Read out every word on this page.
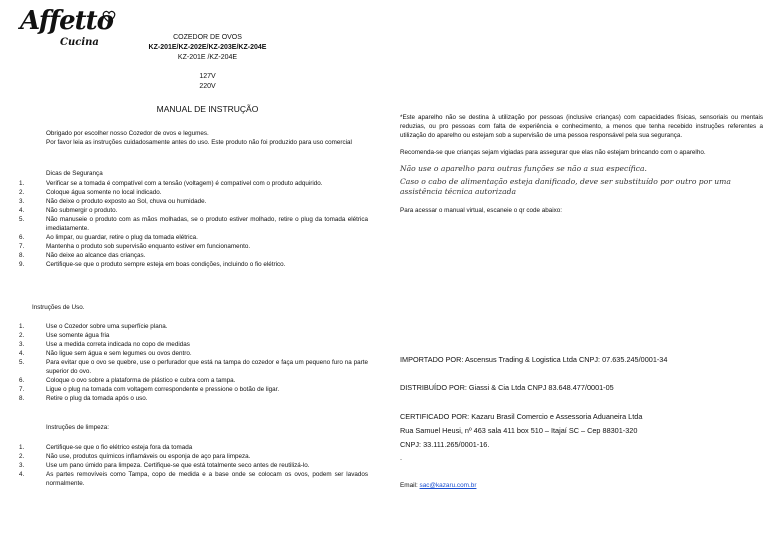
Affetto
Cucina	COZEDOR DE OVOS
KZ-201E/KZ-202E/KZ-203E/KZ-204E
KZ-201E /KZ-204E
127V
220V
MANUAL DE INSTRUÇÃO

Obrigado por escolher nosso Cozedor de ovos e legumes.

Por favor leia as instruções cuidadosamente antes do uso. Este produto não foi produzido para uso comercial

Dicas de Segurança

1.	Verificar se a tomada é compatível com a tensão (voltagem) é compatível com o produto adquirido.
2.	Coloque água somente no local indicado.
3.	Não deixe o produto exposto ao Sol, chuva ou humidade.
4.	Não submergir o produto.
5.	Não manuseie o produto com as mãos molhadas, se o produto estiver molhado, retire o plug da tomada elétrica imediatamente.
6.	Ao limpar, ou guardar, retire o plug da tomada elétrica.
7.	Mantenha o produto sob supervisão enquanto estiver em funcionamento.
8.	Não deixe ao alcance das crianças.
9.	Certifique-se que o produto sempre esteja em boas condições, incluindo o fio elétrico.

Instruções de Uso.

1.	Use o Cozedor sobre uma superfície plana.
2.	Use somente água fria
3.	Use a medida correta indicada no copo de medidas
4.	Não ligue sem água e sem legumes ou ovos dentro.
5.	Para evitar que o ovo se quebre, use o perfurador que está na tampa do cozedor e faça um pequeno furo na parte superior do ovo.
6.	Coloque o ovo sobre a plataforma de plástico e cubra com a tampa.
7.	Ligue o plug na tomada com voltagem correspondente e pressione o botão de ligar.
8.	Retire o plug da tomada após o uso.

Instruções de limpeza:

1.	Certifique-se que o fio elétrico esteja fora da tomada
2.	Não use, produtos químicos inflamáveis ou esponja de aço para limpeza.
3.	Use um pano úmido para limpeza. Certifique-se que está totalmente seco antes de reutilizá-lo.
4.	As partes removíveis como Tampa, copo de medida e a base onde se colocam os ovos, podem ser lavados normalmente.

*Este aparelho não se destina à utilização por pessoas (inclusive crianças) com capacidades físicas, sensoriais ou mentais reduzias, ou pro pessoas com falta de experiência e conhecimento, a menos que tenha recebido instruções referentes a utilização do aparelho ou estejam sob a supervisão de uma pessoa responsável pela sua segurança.

Recomenda-se que crianças sejam vigiadas para assegurar que elas não estejam brincando com o aparelho.

Não use o aparelho para outras funções se não a sua específica.

Caso o cabo de alimentação esteja danificado, deve ser substituído por outro por uma assistência técnica autorizada

Para acessar o manual virtual, escaneie o qr code abaixo:

IMPORTADO POR: Ascensus Trading & Logistica Ltda CNPJ: 07.635.245/0001-34

DISTRIBUÍDO POR: Giassi & Cia Ltda CNPJ 83.648.477/0001-05

CERTIFICADO POR: Kazaru Brasil Comercio e Assessoria Aduaneira Ltda

Rua Samuel Heusi, nº 463 sala 411 box 510 – Itajaí SC – Cep 88301-320

CNPJ: 33.111.265/0001-16.

.

Email: sac@kazaru.com.br
